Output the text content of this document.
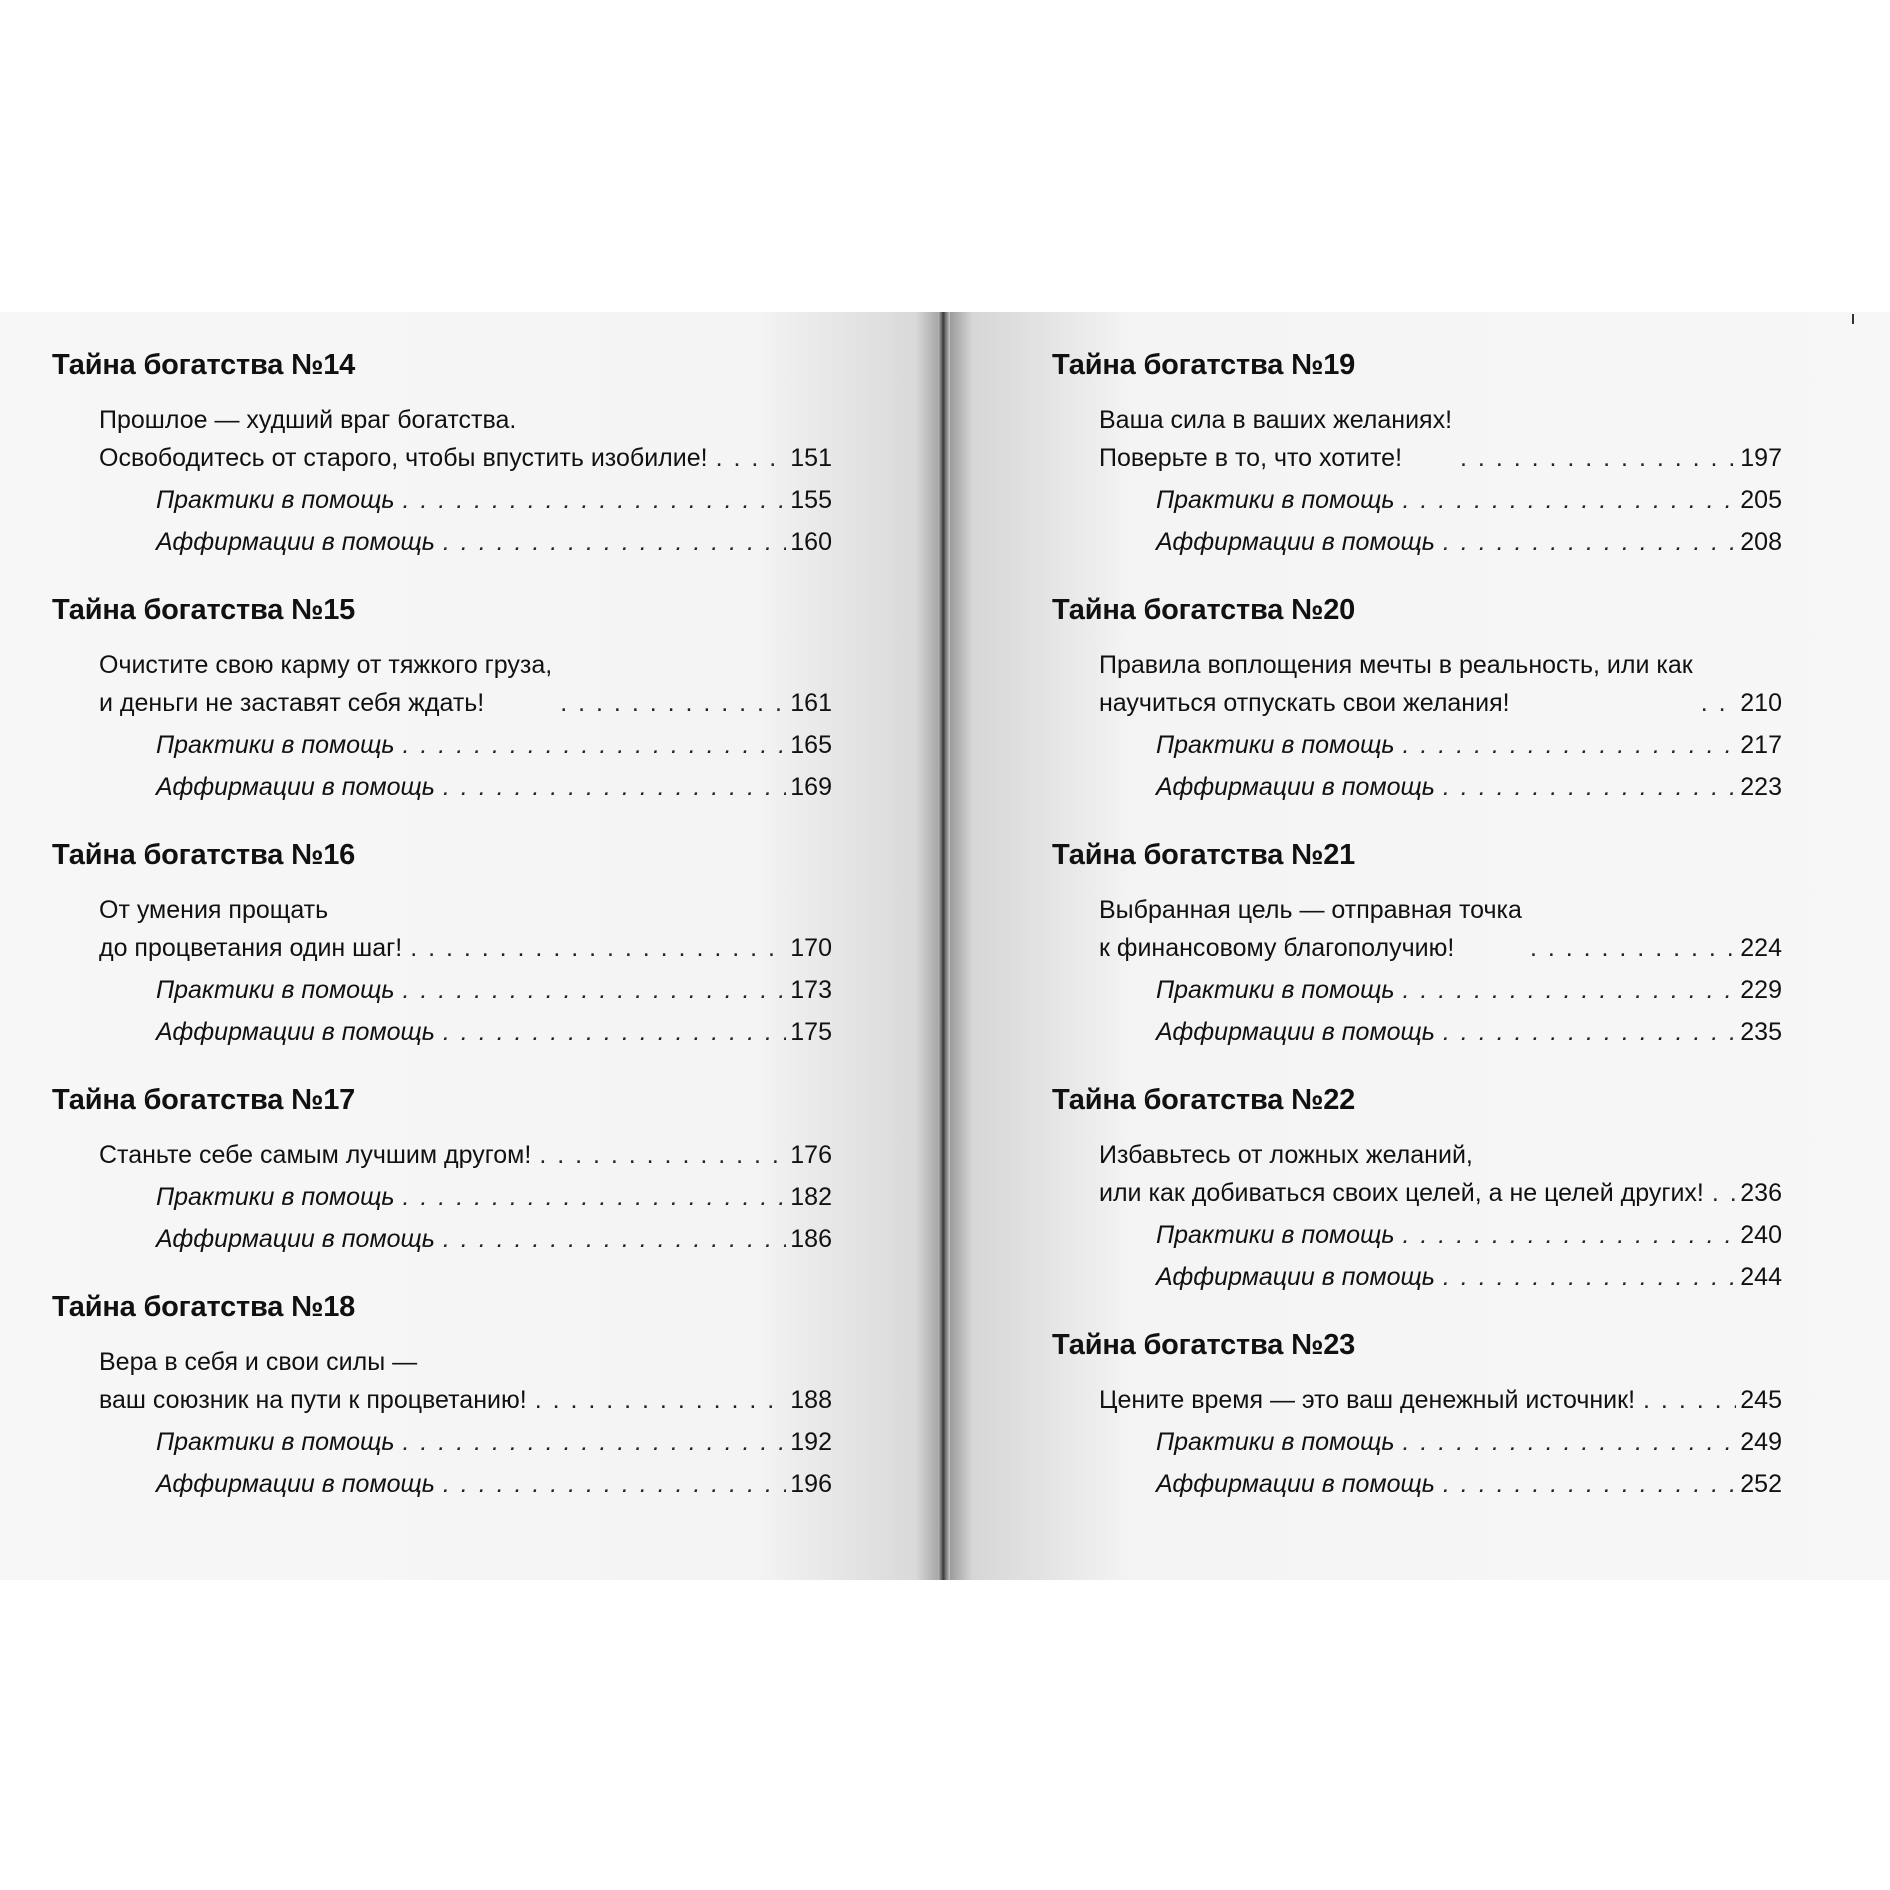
Тайна богатства №14
Прошлое — худший враг богатства.
Освободитесь от старого, чтобы впустить изобилие! . . .	151
Практики в помощь . . .	155
Аффирмации в помощь . . .	160
Тайна богатства №15
Очистите свою карму от тяжкого груза,
и деньги не заставят себя ждать! . . .	161
Практики в помощь . . .	165
Аффирмации в помощь . . .	169
Тайна богатства №16
От умения прощать
до процветания один шаг! . . .	170
Практики в помощь . . .	173
Аффирмации в помощь . . .	175
Тайна богатства №17
Станьте себе самым лучшим другом! . . .	176
Практики в помощь . . .	182
Аффирмации в помощь . . .	186
Тайна богатства №18
Вера в себя и свои силы —
ваш союзник на пути к процветанию! . . .	188
Практики в помощь . . .	192
Аффирмации в помощь . . .	196
Тайна богатства №19
Ваша сила в ваших желаниях!
Поверьте в то, что хотите! . . .	197
Практики в помощь . . .	205
Аффирмации в помощь . . .	208
Тайна богатства №20
Правила воплощения мечты в реальность, или как
научиться отпускать свои желания! . . .	210
Практики в помощь . . .	217
Аффирмации в помощь . . .	223
Тайна богатства №21
Выбранная цель — отправная точка
к финансовому благополучию! . . .	224
Практики в помощь . . .	229
Аффирмации в помощь . . .	235
Тайна богатства №22
Избавьтесь от ложных желаний,
или как добиваться своих целей, а не целей других! . . . 236
Практики в помощь . . .	240
Аффирмации в помощь . . .	244
Тайна богатства №23
Цените время — это ваш денежный источник! . . .	245
Практики в помощь . . .	249
Аффирмации в помощь . . .	252
